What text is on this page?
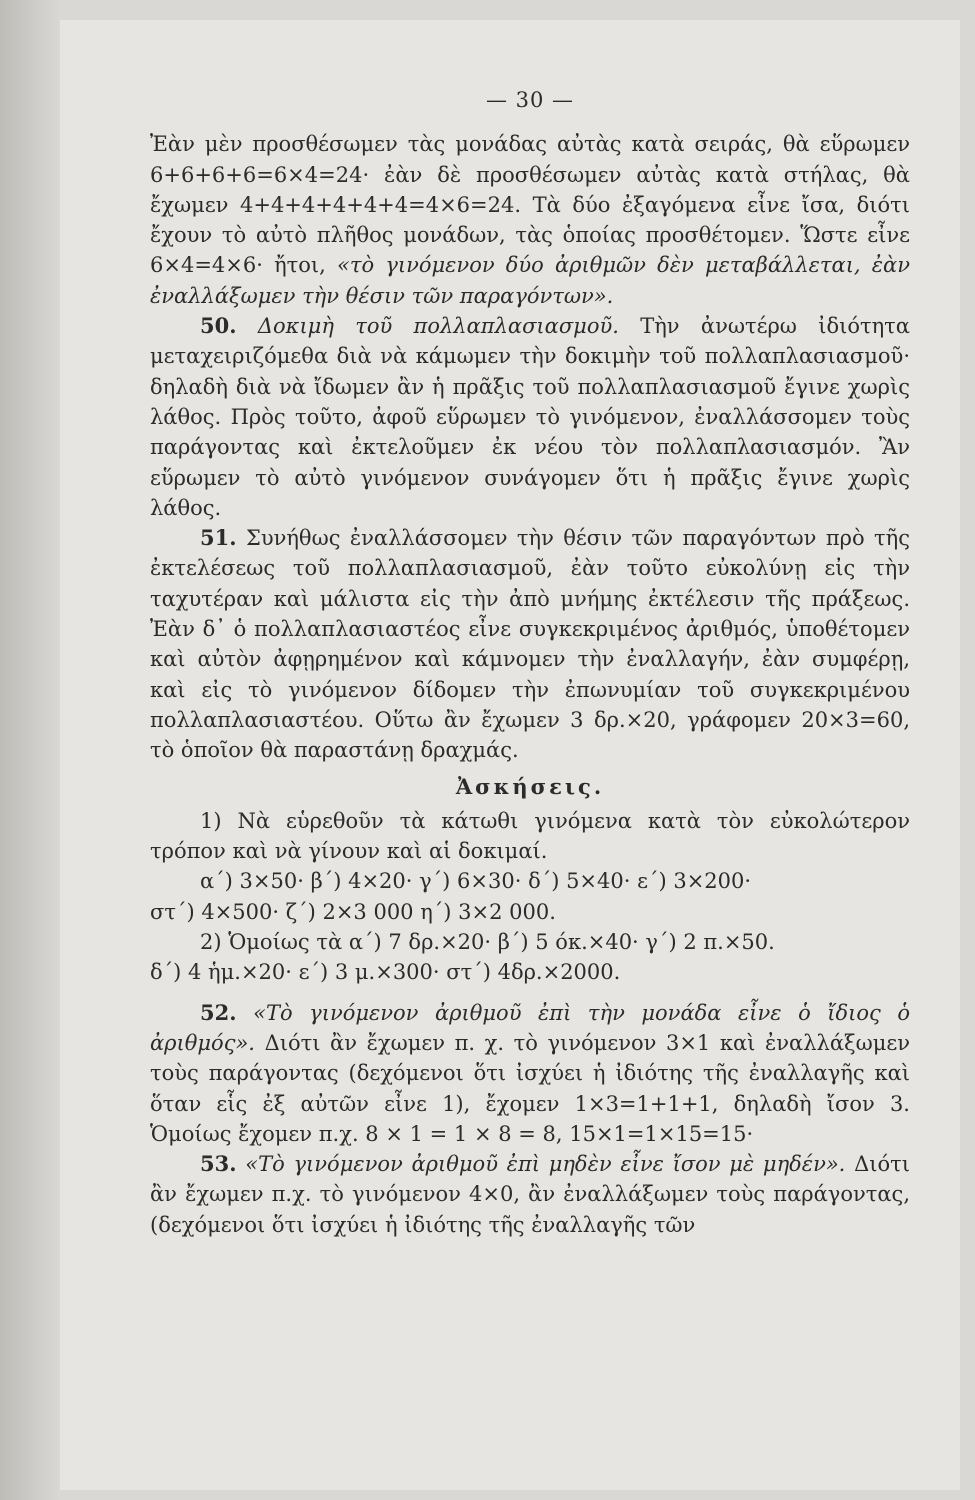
— 30 —

Ἐὰν μὲν προσθέσωμεν τὰς μονάδας αὐτὰς κατὰ σειράς, θὰ εὕρωμεν 6+6+6+6=6×4=24· ἐὰν δὲ προσθέσωμεν αὐτὰς κατὰ στήλας, θὰ ἔχωμεν 4+4+4+4+4+4=4×6=24. Τὰ δύο ἐξαγόμενα εἶνε ἴσα, διότι ἔχουν τὸ αὐτὸ πλῆθος μονάδων, τὰς ὁποίας προσθέτομεν. Ὥστε εἶνε 6×4=4×6· ἤτοι, «τὸ γινόμενον δύο ἀριθμῶν δὲν μεταβάλλεται, ἐὰν ἐναλλάξωμεν τὴν θέσιν τῶν παραγόντων».

50. Δοκιμὴ τοῦ πολλαπλασιασμοῦ. Τὴν ἀνωτέρω ἰδιότητα μεταχειριζόμεθα διὰ νὰ κάμωμεν τὴν δοκιμὴν τοῦ πολλαπλασιασμοῦ· δηλαδὴ διὰ νὰ ἴδωμεν ἂν ἡ πρᾶξις τοῦ πολλαπλασιασμοῦ ἔγινε χωρὶς λάθος. Πρὸς τοῦτο, ἀφοῦ εὕρωμεν τὸ γινόμενον, ἐναλλάσσομεν τοὺς παράγοντας καὶ ἐκτελοῦμεν ἐκ νέου τὸν πολλαπλασιασμόν. Ἂν εὕρωμεν τὸ αὐτὸ γινόμενον συνάγομεν ὅτι ἡ πρᾶξις ἔγινε χωρὶς λάθος.

51. Συνήθως ἐναλλάσσομεν τὴν θέσιν τῶν παραγόντων πρὸ τῆς ἐκτελέσεως τοῦ πολλαπλασιασμοῦ, ἐὰν τοῦτο εὐκολύνῃ εἰς τὴν ταχυτέραν καὶ μάλιστα εἰς τὴν ἀπὸ μνήμης ἐκτέλεσιν τῆς πράξεως. Ἐὰν δ᾿ ὁ πολλαπλασιαστέος εἶνε συγκεκριμένος ἀριθμός, ὑποθέτομεν καὶ αὐτὸν ἀφῃρημένον καὶ κάμνομεν τὴν ἐναλλαγήν, ἐὰν συμφέρῃ, καὶ εἰς τὸ γινόμενον δίδομεν τὴν ἐπωνυμίαν τοῦ συγκεκριμένου πολλαπλασιαστέου. Οὕτω ἂν ἔχωμεν 3 δρ.×20, γράφομεν 20×3=60, τὸ ὁποῖον θὰ παραστάνῃ δραχμάς.

Ἀσκήσεις.

1) Νὰ εὑρεθοῦν τὰ κάτωθι γινόμενα κατὰ τὸν εὐκολώτερον τρόπον καὶ νὰ γίνουν καὶ αἱ δοκιμαί.

α΄) 3×50· β΄) 4×20· γ΄) 6×30· δ΄) 5×40· ε΄) 3×200·

στ΄) 4×500· ζ΄) 2×3 000 η΄) 3×2 000.

2) Ὁμοίως τὰ α΄) 7 δρ.×20· β΄) 5 όκ.×40· γ΄) 2 π.×50.

δ΄) 4 ἡμ.×20· ε΄) 3 μ.×300· στ΄) 4δρ.×2000.

52. «Τὸ γινόμενον ἀριθμοῦ ἐπὶ τὴν μονάδα εἶνε ὁ ἴδιος ὁ ἀριθμός». Διότι ἂν ἔχωμεν π. χ. τὸ γινόμενον 3×1 καὶ ἐναλλάξωμεν τοὺς παράγοντας (δεχόμενοι ὅτι ἰσχύει ἡ ἰδιότης τῆς ἐναλλαγῆς καὶ ὅταν εἷς ἐξ αὐτῶν εἶνε 1), ἔχομεν 1×3=1+1+1, δηλαδὴ ἴσον 3. Ὁμοίως ἔχομεν π.χ. 8 × 1 = 1 × 8 = 8, 15×1=1×15=15·

53. «Τὸ γινόμενον ἀριθμοῦ ἐπὶ μηδὲν εἶνε ἴσον μὲ μηδέν». Διότι ἂν ἔχωμεν π.χ. τὸ γινόμενον 4×0, ἂν ἐναλλάξωμεν τοὺς παράγοντας, (δεχόμενοι ὅτι ἰσχύει ἡ ἰδιότης τῆς ἐναλλαγῆς τῶν
